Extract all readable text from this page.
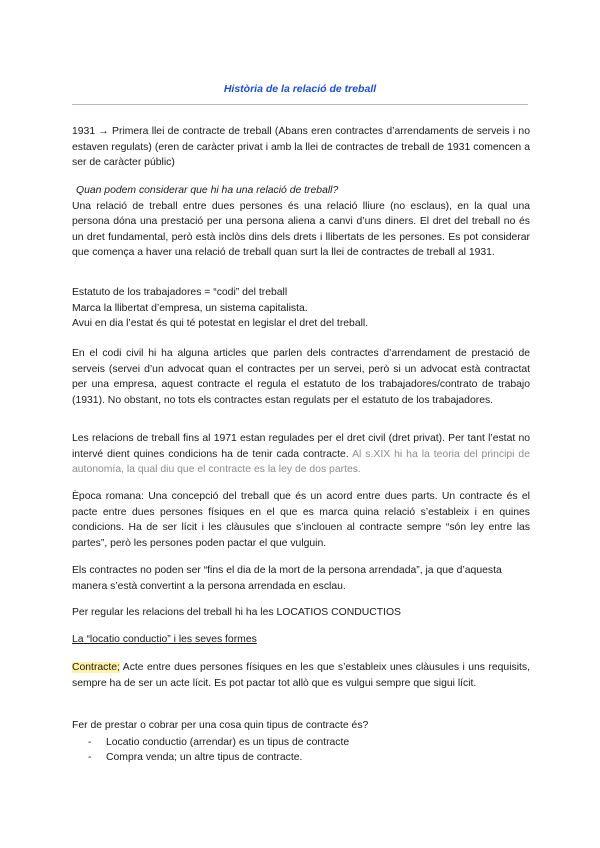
Història de la relació de treball

1931 → Primera llei de contracte de treball (Abans eren contractes d’arrendaments de serveis i no estaven regulats) (eren de caràcter privat i amb la llei de contractes de treball de 1931 comencen a ser de caràcter públic)

Quan podem considerar que hi ha una relació de treball?

Una relació de treball entre dues persones és una relació lliure (no esclaus), en la qual una persona dóna una prestació per una persona aliena a canvi d’uns diners. El dret del treball no és un dret fundamental, però està inclòs dins dels drets i llibertats de les persones. Es pot considerar que comença a haver una relació de treball quan surt la llei de contractes de treball al 1931.

Estatuto de los trabajadores = “codi” del treball

Marca la llibertat d’empresa, un sistema capitalista.

Avui en dia l’estat és qui té potestat en legislar el dret del treball.

En el codi civil hi ha alguna articles que parlen dels contractes d’arrendament de prestació de serveis (servei d’un advocat quan el contractes per un servei, però si un advocat està contractat per una empresa, aquest contracte el regula el estatuto de los trabajadores/contrato de trabajo (1931). No obstant, no tots els contractes estan regulats per el estatuto de los trabajadores.

Les relacions de treball fins al 1971 estan regulades per el dret civil (dret privat). Per tant l’estat no intervé dient quines condicions ha de tenir cada contracte. Al s.XIX hi ha la teoria del principi de autonomía, la qual diu que el contracte es la ley de dos partes.

Època romana: Una concepció del treball que és un acord entre dues parts. Un contracte és el pacte entre dues persones físiques en el que es marca quina relació s’estableix i en quines condicions. Ha de ser lícit i les clàusules que s’inclouen al contracte sempre “són ley entre las partes”, però les persones poden pactar el que vulguin.

Els contractes no poden ser “fins el dia de la mort de la persona arrendada”, ja que d’aquesta manera s’està convertint a la persona arrendada en esclau.

Per regular les relacions del treball hi ha les LOCATIOS CONDUCTIOS

La “locatio conductio” i les seves formes

Contracte; Acte entre dues persones físiques en les que s’estableix unes clàusules i uns requisits, sempre ha de ser un acte lícit. Es pot pactar tot allò que es vulgui sempre que sigui lícit.

Fer de prestar o cobrar per una cosa quin tipus de contracte és?

-	Locatio conductio (arrendar) es un tipus de contracte
-	Compra venda; un altre tipus de contracte.
